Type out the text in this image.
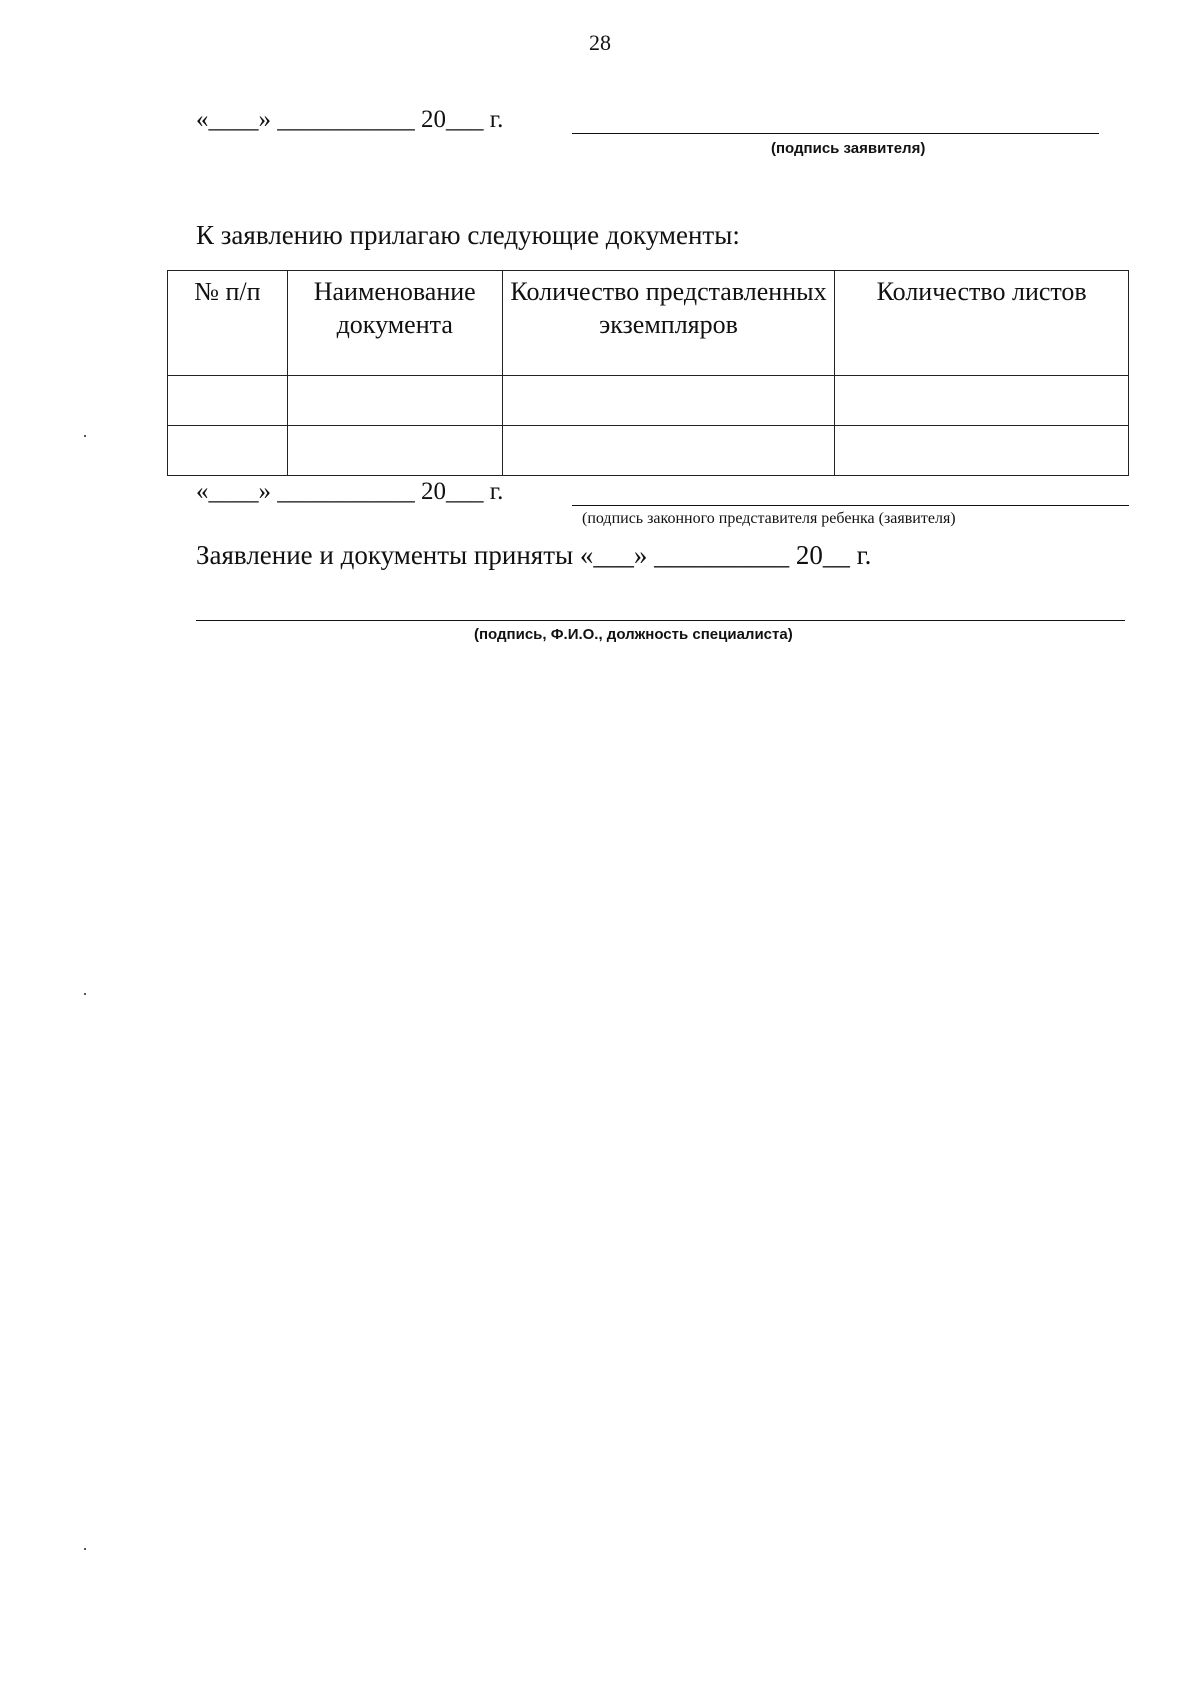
28
«____» ___________ 20___ г.
(подпись заявителя)
К заявлению прилагаю следующие документы:
№ п/п	Наименование документа	Количество представленных экземпляров	Количество листов

«____» ___________ 20___ г.
(подпись законного представителя ребенка (заявителя)
Заявление и документы приняты «___» __________ 20__ г.
(подпись, Ф.И.О., должность специалиста)
